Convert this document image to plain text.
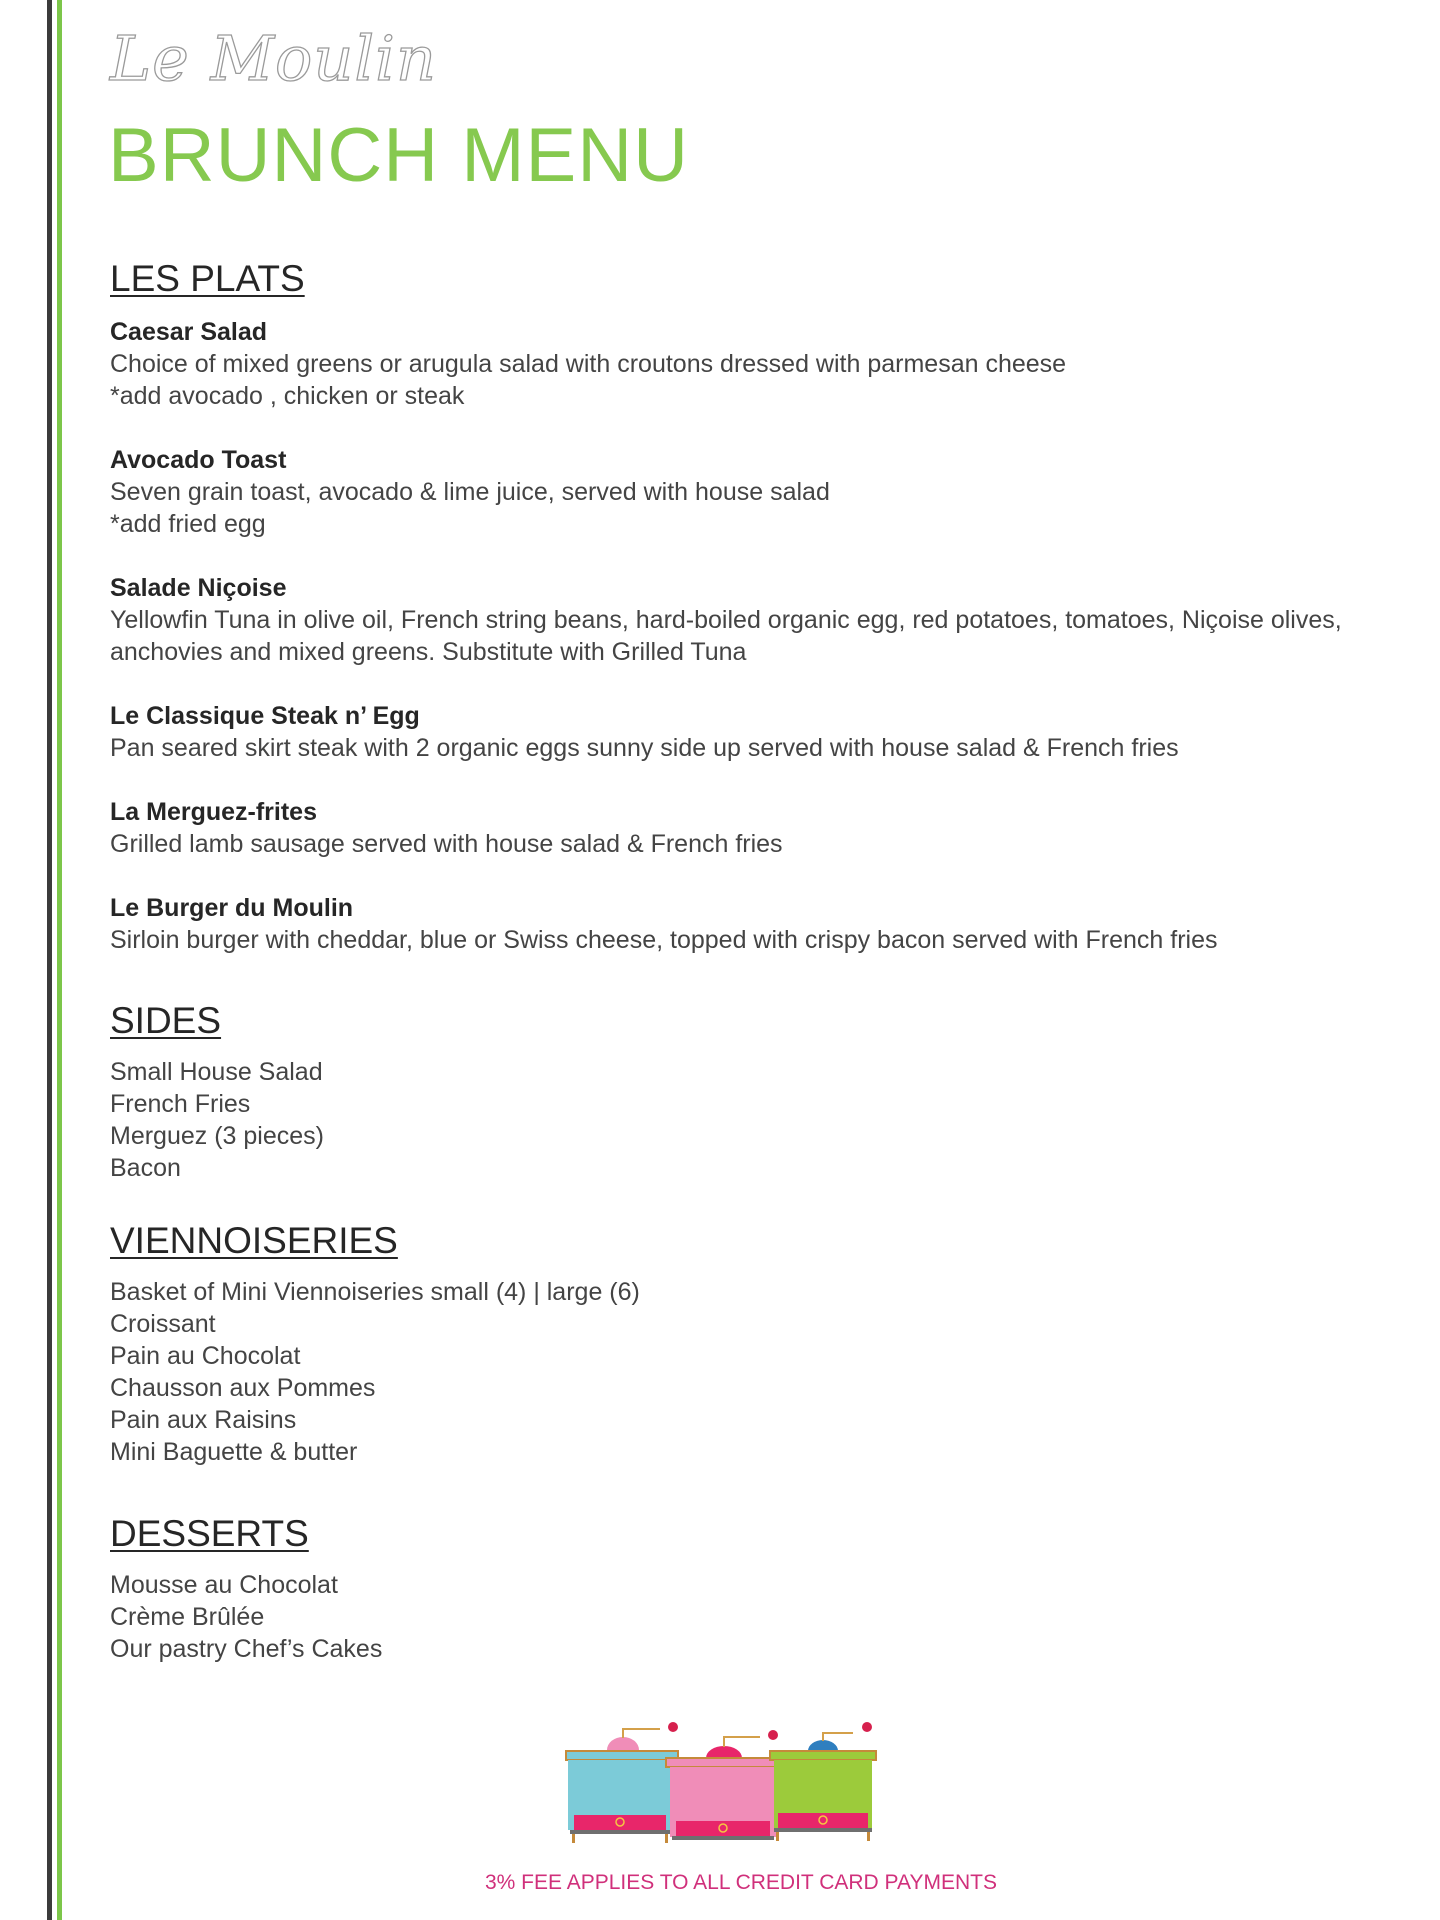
Le Moulin
BRUNCH MENU
LES PLATS
Caesar Salad
Choice of mixed greens or arugula salad with croutons dressed with parmesan cheese
*add avocado , chicken or steak
Avocado Toast
Seven grain toast, avocado & lime juice, served with house salad
*add fried egg
Salade Niçoise
Yellowfin Tuna in olive oil, French string beans, hard-boiled organic egg, red potatoes, tomatoes, Niçoise olives,
anchovies and mixed greens. Substitute with Grilled Tuna
Le Classique Steak n’ Egg
Pan seared skirt steak with 2 organic eggs sunny side up served with house salad & French fries
La Merguez-frites
Grilled lamb sausage served with house salad & French fries
Le Burger du Moulin
Sirloin burger with cheddar, blue or Swiss cheese, topped with crispy bacon served with French fries
SIDES
Small House Salad
French Fries
Merguez (3 pieces)
Bacon
VIENNOISERIES
Basket of Mini Viennoiseries small (4) | large (6)
Croissant
Pain au Chocolat
Chausson aux Pommes
Pain aux Raisins
Mini Baguette & butter
DESSERTS
Mousse au Chocolat
Crème Brûlée
Our pastry Chef’s Cakes
3% FEE APPLIES TO ALL CREDIT CARD PAYMENTS
